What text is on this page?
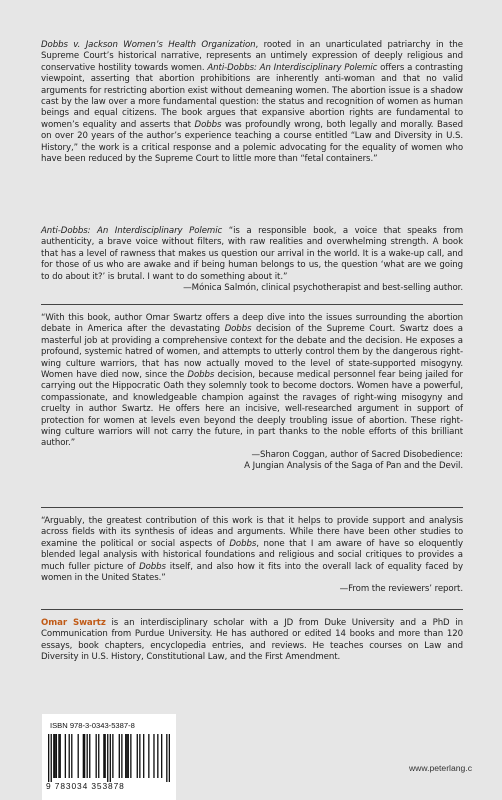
Dobbs v. Jackson Women’s Health Organization, rooted in an unarticulated patriarchy in the Supreme Court’s historical narrative, represents an untimely expression of deeply religious and conservative hostility towards women. Anti-Dobbs: An Interdisciplinary Polemic offers a contrasting viewpoint, asserting that abortion prohibitions are inherently anti-woman and that no valid arguments for restricting abortion exist without demeaning women. The abortion issue is a shadow cast by the law over a more fundamental question: the status and recognition of women as human beings and equal citizens. The book argues that expansive abortion rights are fundamental to women’s equality and asserts that Dobbs was profoundly wrong, both legally and morally. Based on over 20 years of the author’s experience teaching a course entitled “Law and Diversity in U.S. History,” the work is a critical response and a polemic advocating for the equality of women who have been reduced by the Supreme Court to little more than “fetal containers.”

Anti-Dobbs: An Interdisciplinary Polemic “is a responsible book, a voice that speaks from authenticity, a brave voice without filters, with raw realities and overwhelming strength. A book that has a level of rawness that makes us question our arrival in the world. It is a wake-up call, and for those of us who are awake and if being human belongs to us, the question ‘what are we going to do about it?’ is brutal. I want to do something about it.”

—Mónica Salmón, clinical psychotherapist and best-selling author.

“With this book, author Omar Swartz offers a deep dive into the issues surrounding the abortion debate in America after the devastating Dobbs decision of the Supreme Court. Swartz does a masterful job at providing a comprehensive context for the debate and the decision. He exposes a profound, systemic hatred of women, and attempts to utterly control them by the dangerous right-wing culture warriors, that has now actually moved to the level of state-supported misogyny. Women have died now, since the Dobbs decision, because medical personnel fear being jailed for carrying out the Hippocratic Oath they solemnly took to become doctors. Women have a powerful, compassionate, and knowledgeable champion against the ravages of right-wing misogyny and cruelty in author Swartz. He offers here an incisive, well-researched argument in support of protection for women at levels even beyond the deeply troubling issue of abortion. These right-wing culture warriors will not carry the future, in part thanks to the noble efforts of this brilliant author.”

—Sharon Coggan, author of Sacred Disobedience:

A Jungian Analysis of the Saga of Pan and the Devil.

“Arguably, the greatest contribution of this work is that it helps to provide support and analysis across fields with its synthesis of ideas and arguments. While there have been other studies to examine the political or social aspects of Dobbs, none that I am aware of have so eloquently blended legal analysis with historical foundations and religious and social critiques to provides a much fuller picture of Dobbs itself, and also how it fits into the overall lack of equality faced by women in the United States.”

—From the reviewers’ report.

Omar Swartz is an interdisciplinary scholar with a JD from Duke University and a PhD in Communication from Purdue University. He has authored or edited 14 books and more than 120 essays, book chapters, encyclopedia entries, and reviews. He teaches courses on Law and Diversity in U.S. History, Constitutional Law, and the First Amendment.

ISBN 978-3-0343-5387-8
9 783034 353878
www.peterlang.c
